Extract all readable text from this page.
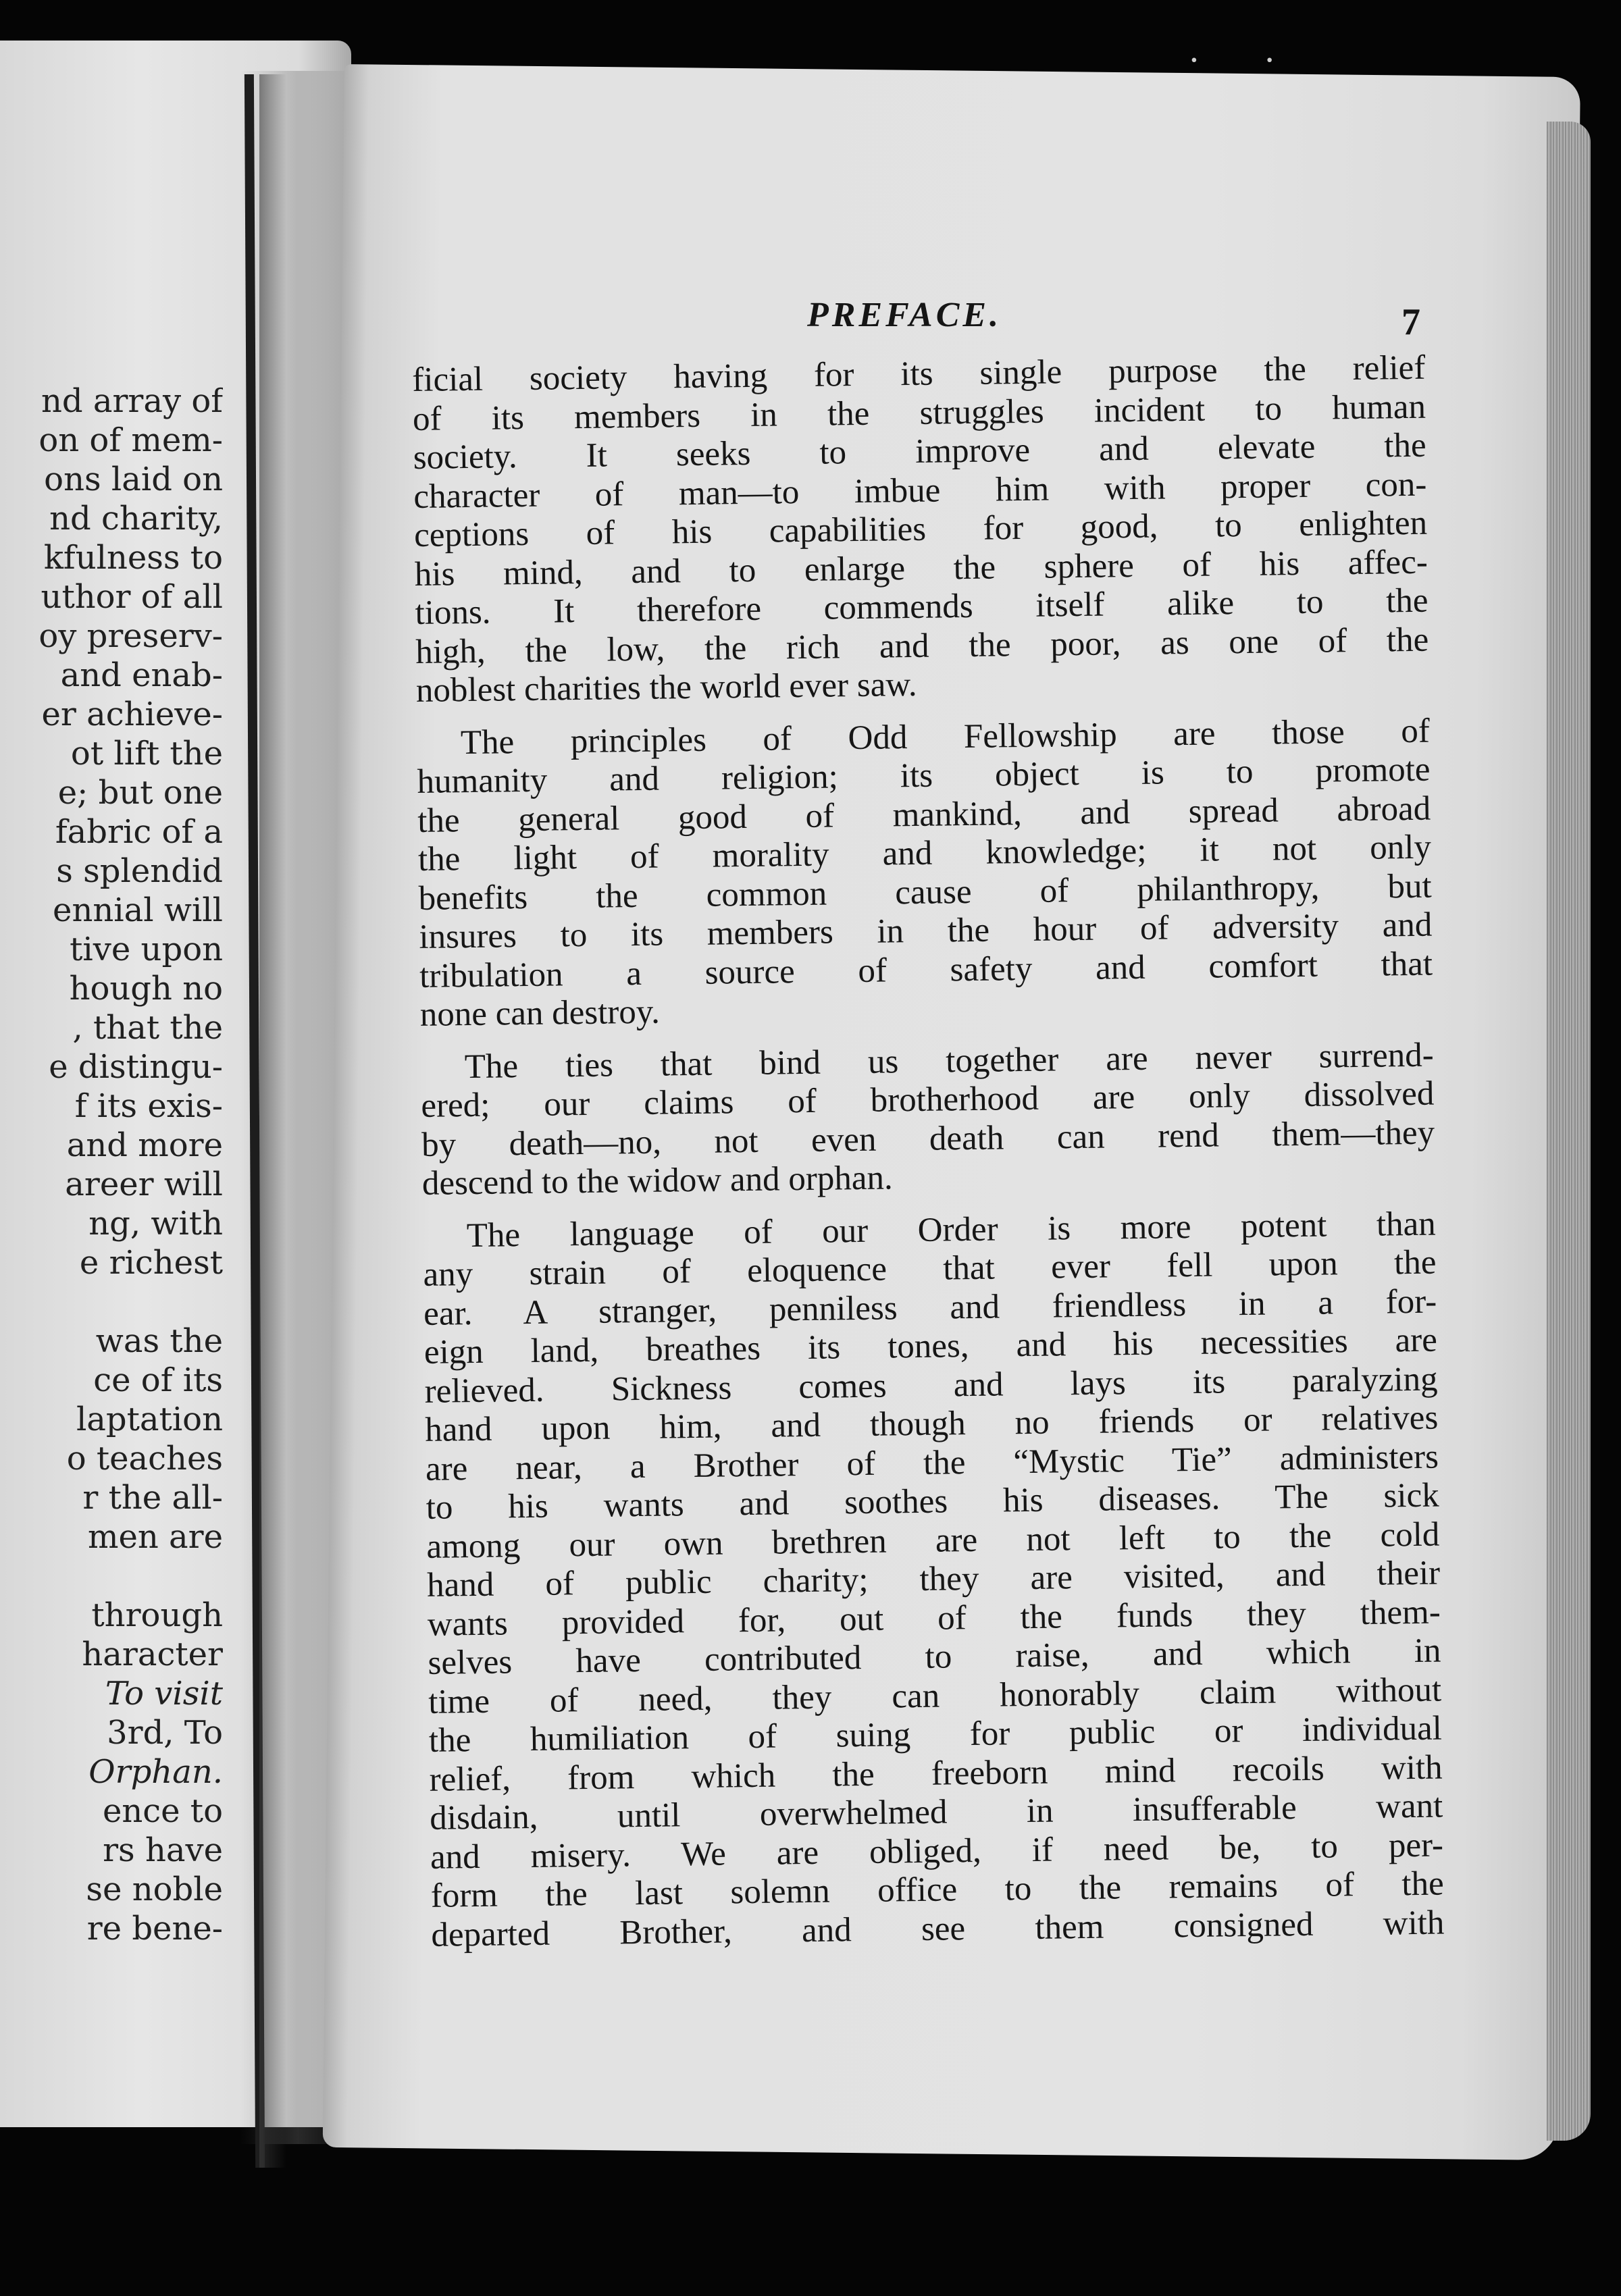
nd array of
on of mem-
ons laid on
nd charity,
kfulness to
uthor of all
oy preserv-
and enab-
er achieve-
ot lift the
e; but one
fabric of a
s splendid
ennial will
tive upon
hough no
, that the
e distingu-
f its exis-
and more
areer will
ng, with
e richest
was the
ce of its
laptation
o teaches
r the all-
men are
through
haracter
To visit
3rd, To
Orphan.
ence to
rs have
se noble
re bene-
· ·
PREFACE.	7
ficial society having for its single purpose the relief
of its members in the struggles incident to human
society. It seeks to improve and elevate the
character of man—to imbue him with proper con-
ceptions of his capabilities for good, to enlighten
his mind, and to enlarge the sphere of his affec-
tions. It therefore commends itself alike to the
high, the low, the rich and the poor, as one of the
noblest charities the world ever saw.
The principles of Odd Fellowship are those of
humanity and religion; its object is to promote
the general good of mankind, and spread abroad
the light of morality and knowledge; it not only
benefits the common cause of philanthropy, but
insures to its members in the hour of adversity and
tribulation a source of safety and comfort that
none can destroy.
The ties that bind us together are never surrend-
ered; our claims of brotherhood are only dissolved
by death—no, not even death can rend them—they
descend to the widow and orphan.
The language of our Order is more potent than
any strain of eloquence that ever fell upon the
ear. A stranger, penniless and friendless in a for-
eign land, breathes its tones, and his necessities are
relieved. Sickness comes and lays its paralyzing
hand upon him, and though no friends or relatives
are near, a Brother of the “Mystic Tie” administers
to his wants and soothes his diseases. The sick
among our own brethren are not left to the cold
hand of public charity; they are visited, and their
wants provided for, out of the funds they them-
selves have contributed to raise, and which in
time of need, they can honorably claim without
the humiliation of suing for public or individual
relief, from which the freeborn mind recoils with
disdain, until overwhelmed in insufferable want
and misery. We are obliged, if need be, to per-
form the last solemn office to the remains of the
departed Brother, and see them consigned with
